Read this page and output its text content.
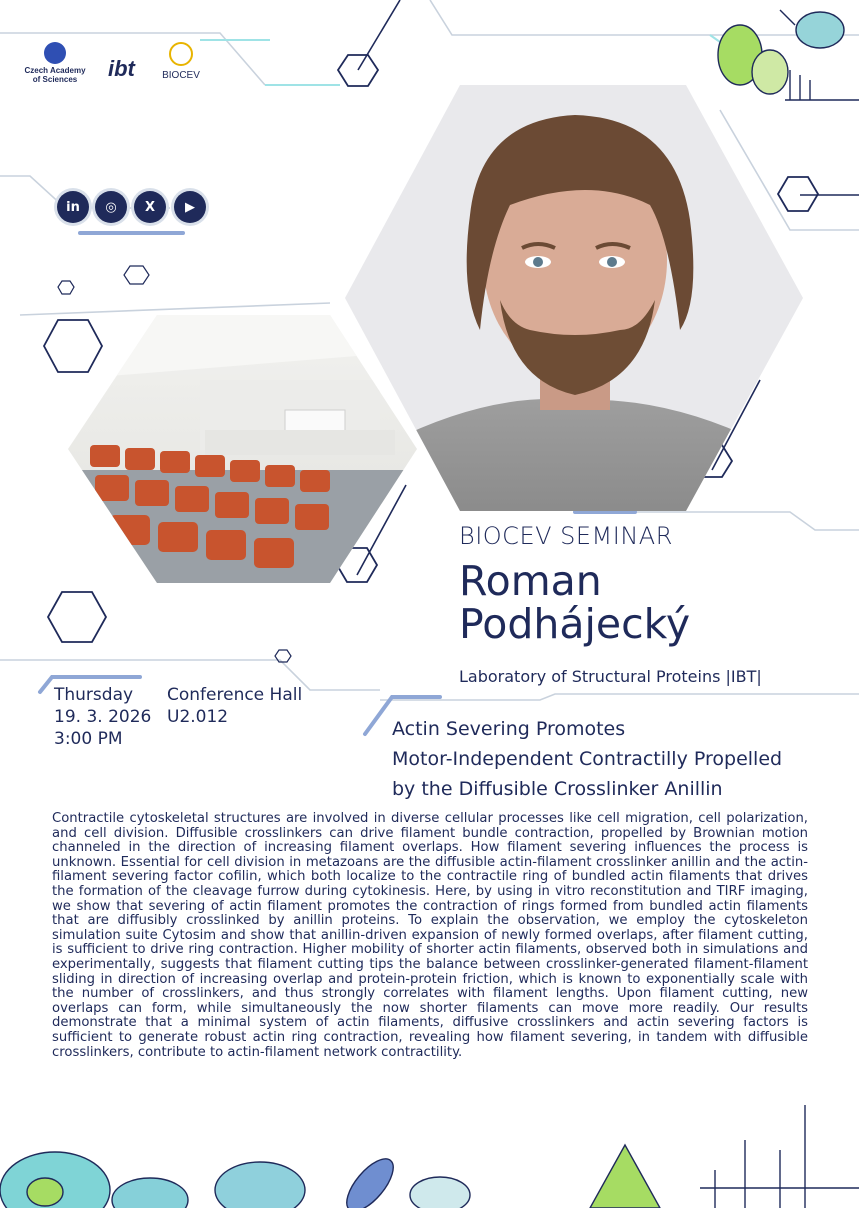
Czech Academy
of Sciences	ibt	BIOCEV
in	◎	X	▶
BIOCEV SEMINAR
Roman
Podhájecký
Laboratory of Structural Proteins |IBT|
Thursday
19. 3. 2026
3:00 PM
Conference Hall
U2.012
Actin Severing Promotes
Motor-Independent Contractilly Propelled
by the Diffusible Crosslinker Anillin
Contractile cytoskeletal structures are involved in diverse cellular processes like cell migration, cell polarization, and cell division. Diffusible crosslinkers can drive filament bundle contraction, propelled by Brownian motion channeled in the direction of increasing filament overlaps. How filament severing influences the process is unknown. Essential for cell division in metazoans are the diffusible actin-filament crosslinker anillin and the actin-filament severing factor cofilin, which both localize to the contractile ring of bundled actin filaments that drives the formation of the cleavage furrow during cytokinesis. Here, by using in vitro reconstitution and TIRF imaging, we show that severing of actin filament promotes the contraction of rings formed from bundled actin filaments that are diffusibly crosslinked by anillin proteins. To explain the observation, we employ the cytoskeleton simulation suite Cytosim and show that anillin-driven expansion of newly formed overlaps, after filament cutting, is sufficient to drive ring contraction. Higher mobility of shorter actin filaments, observed both in simulations and experimentally, suggests that filament cutting tips the balance between crosslinker-generated filament-filament sliding in direction of increasing overlap and protein-protein friction, which is known to exponentially scale with the number of crosslinkers, and thus strongly correlates with filament lengths. Upon filament cutting, new overlaps can form, while simultaneously the now shorter filaments can move more readily. Our results demonstrate that a minimal system of actin filaments, diffusive crosslinkers and actin severing factors is sufficient to generate robust actin ring contraction, revealing how filament severing, in tandem with diffusible crosslinkers, contribute to actin-filament network contractility.
